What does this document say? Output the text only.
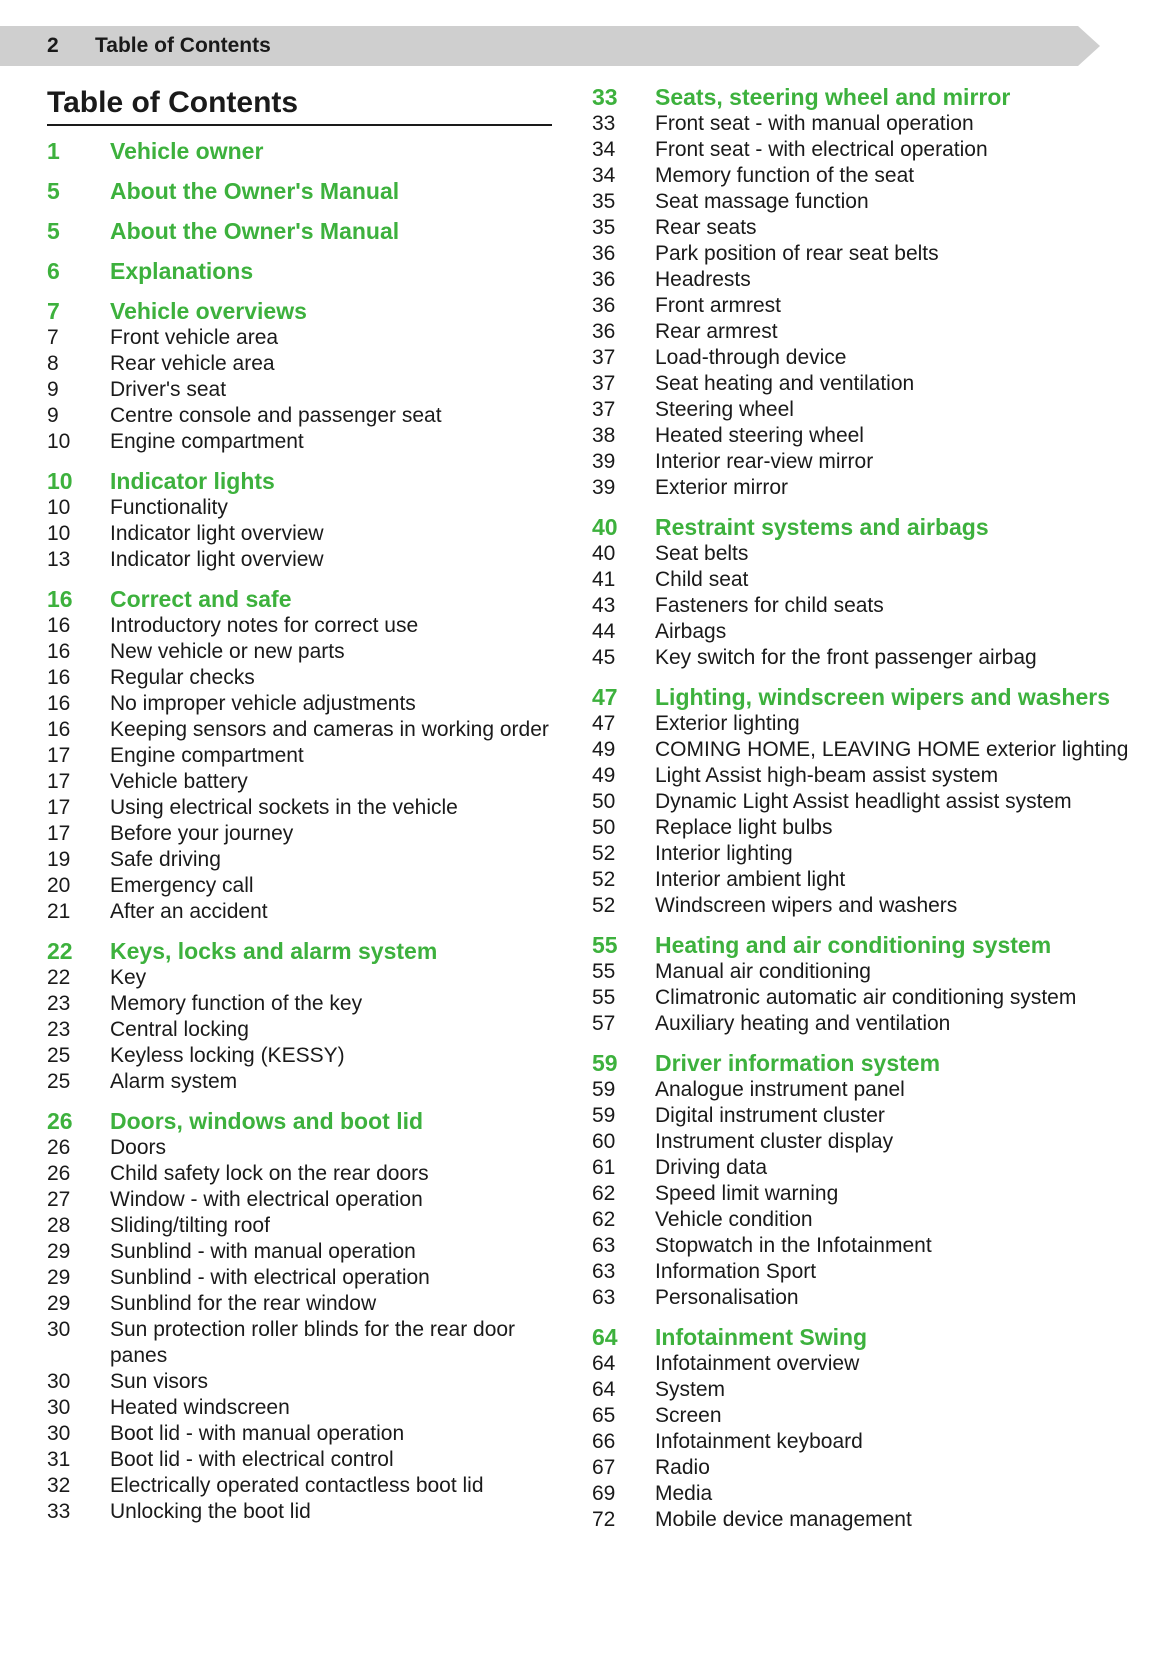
2 Table of Contents
Table of Contents
1	Vehicle owner
5	About the Owner's Manual
5	About the Owner's Manual
6	Explanations
7	Vehicle overviews
7	Front vehicle area
8	Rear vehicle area
9	Driver's seat
9	Centre console and passenger seat
10	Engine compartment
10	Indicator lights
10	Functionality
10	Indicator light overview
13	Indicator light overview
16	Correct and safe
16	Introductory notes for correct use
16	New vehicle or new parts
16	Regular checks
16	No improper vehicle adjustments
16	Keeping sensors and cameras in working order
17	Engine compartment
17	Vehicle battery
17	Using electrical sockets in the vehicle
17	Before your journey
19	Safe driving
20	Emergency call
21	After an accident
22	Keys, locks and alarm system
22	Key
23	Memory function of the key
23	Central locking
25	Keyless locking (KESSY)
25	Alarm system
26	Doors, windows and boot lid
26	Doors
26	Child safety lock on the rear doors
27	Window - with electrical operation
28	Sliding/tilting roof
29	Sunblind - with manual operation
29	Sunblind - with electrical operation
29	Sunblind for the rear window
30	Sun protection roller blinds for the rear door panes
30	Sun visors
30	Heated windscreen
30	Boot lid - with manual operation
31	Boot lid - with electrical control
32	Electrically operated contactless boot lid
33	Unlocking the boot lid
33	Seats, steering wheel and mirror
33	Front seat - with manual operation
34	Front seat - with electrical operation
34	Memory function of the seat
35	Seat massage function
35	Rear seats
36	Park position of rear seat belts
36	Headrests
36	Front armrest
36	Rear armrest
37	Load-through device
37	Seat heating and ventilation
37	Steering wheel
38	Heated steering wheel
39	Interior rear-view mirror
39	Exterior mirror
40	Restraint systems and airbags
40	Seat belts
41	Child seat
43	Fasteners for child seats
44	Airbags
45	Key switch for the front passenger airbag
47	Lighting, windscreen wipers and washers
47	Exterior lighting
49	COMING HOME, LEAVING HOME exterior lighting
49	Light Assist high-beam assist system
50	Dynamic Light Assist headlight assist system
50	Replace light bulbs
52	Interior lighting
52	Interior ambient light
52	Windscreen wipers and washers
55	Heating and air conditioning system
55	Manual air conditioning
55	Climatronic automatic air conditioning system
57	Auxiliary heating and ventilation
59	Driver information system
59	Analogue instrument panel
59	Digital instrument cluster
60	Instrument cluster display
61	Driving data
62	Speed limit warning
62	Vehicle condition
63	Stopwatch in the Infotainment
63	Information Sport
63	Personalisation
64	Infotainment Swing
64	Infotainment overview
64	System
65	Screen
66	Infotainment keyboard
67	Radio
69	Media
72	Mobile device management
